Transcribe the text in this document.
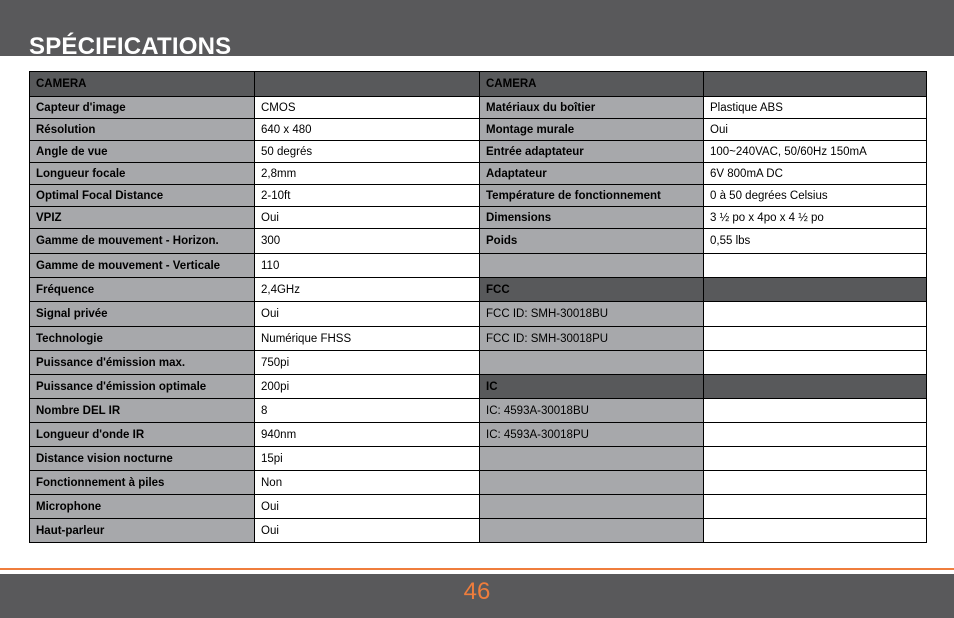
SPÉCIFICATIONS
CAMERA		CAMERA	
Capteur d'image	CMOS	Matériaux du boîtier	Plastique ABS
Résolution	640 x 480	Montage murale	Oui
Angle de vue	50 degrés	Entrée adaptateur	100~240VAC, 50/60Hz 150mA
Longueur focale	2,8mm	Adaptateur	6V 800mA DC
Optimal Focal Distance	2-10ft	Température de fonctionnement	0 à 50 degrées Celsius
VPIZ	Oui	Dimensions	3 ½ po x 4po x 4 ½ po
Gamme de mouvement - Horizon.	300	Poids	0,55 lbs
Gamme de mouvement - Verticale	110		
Fréquence	2,4GHz	FCC	
Signal privée	Oui	FCC ID: SMH-30018BU	
Technologie	Numérique FHSS	FCC ID: SMH-30018PU	
Puissance d'émission max.	750pi		
Puissance d'émission optimale	200pi	IC	
Nombre DEL IR	8	IC: 4593A-30018BU	
Longueur d'onde IR	940nm	IC: 4593A-30018PU	
Distance vision nocturne	15pi		
Fonctionnement à piles	Non		
Microphone	Oui		
Haut-parleur	Oui		
46
